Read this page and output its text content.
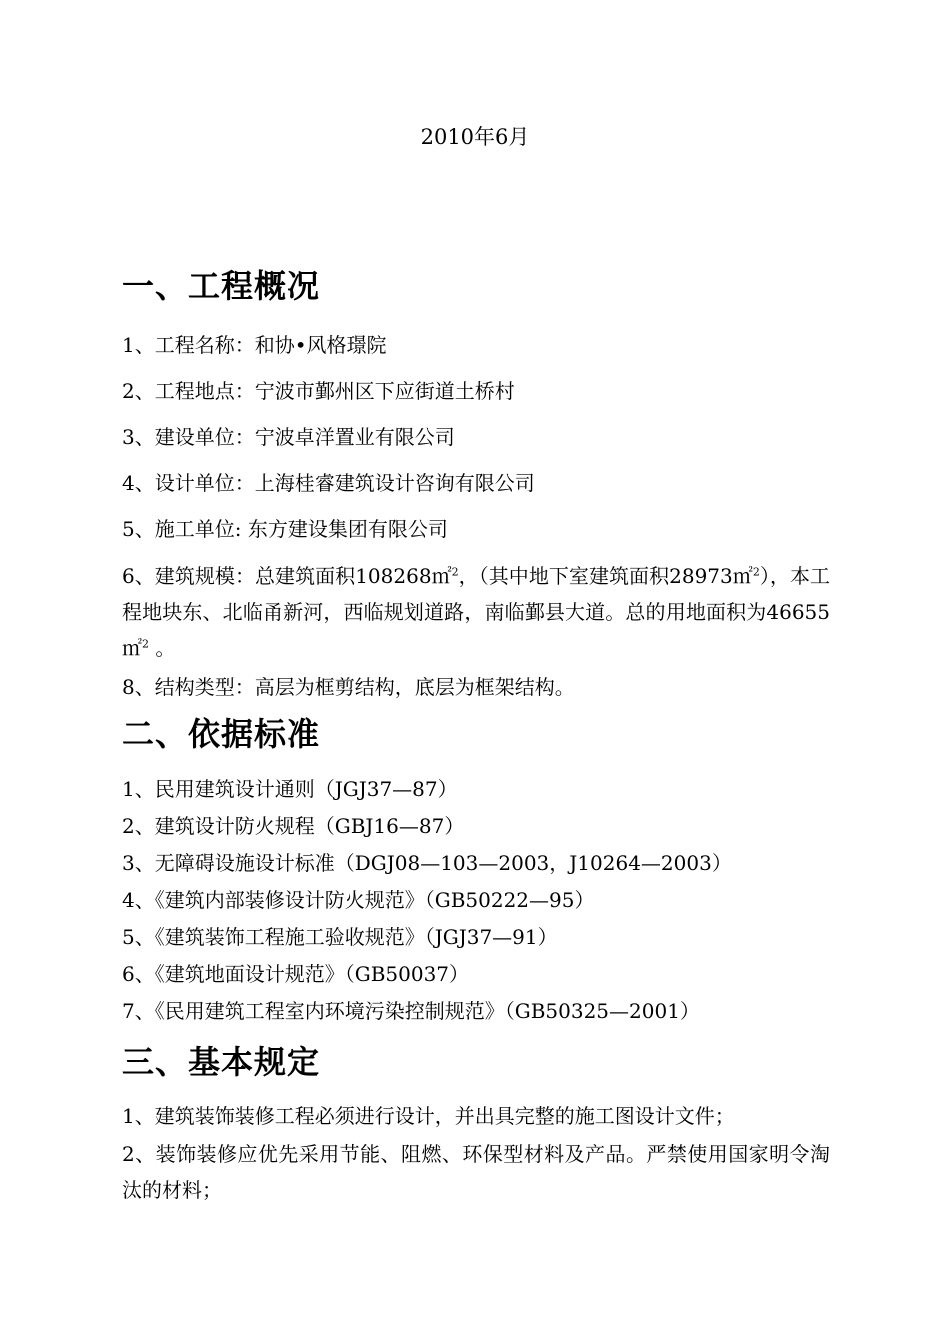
2010年6月
一、工程概况
1、工程名称：和协•风格璟院
2、工程地点：宁波市鄞州区下应街道土桥村
3、建设单位：宁波卓洋置业有限公司
4、设计单位：上海桂睿建筑设计咨询有限公司
5、施工单位: 东方建设集团有限公司
6、建筑规模：总建筑面积108268㎡$^2$，（其中地下室建筑面积28973㎡$^2$），本工程地块东、北临甬新河，西临规划道路，南临鄞县大道。总的用地面积为46655㎡$^2$ 。
8、结构类型：高层为框剪结构，底层为框架结构。
二、依据标准
1、民用建筑设计通则（JGJ37—87）
2、建筑设计防火规程（GBJ16—87）
3、无障碍设施设计标准（DGJ08—103—2003，J10264—2003）
4、《建筑内部装修设计防火规范》（GB50222—95）
5、《建筑装饰工程施工验收规范》（JGJ37—91）
6、《建筑地面设计规范》（GB50037）
7、《民用建筑工程室内环境污染控制规范》（GB50325—2001）
三、基本规定
1、建筑装饰装修工程必须进行设计，并出具完整的施工图设计文件；
2、装饰装修应优先采用节能、阻燃、环保型材料及产品。严禁使用国家明令淘汰的材料；
